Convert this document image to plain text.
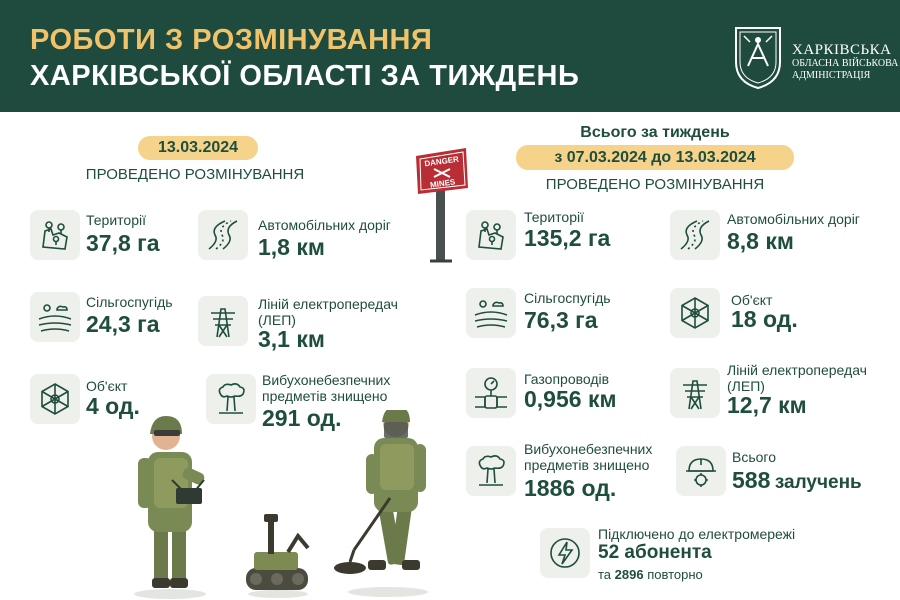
РОБОТИ З РОЗМІНУВАННЯ
ХАРКІВСЬКОЇ ОБЛАСТІ ЗА ТИЖДЕНЬ
ХАРКІВСЬКА
ОБЛАСНА ВІЙСЬКОВА
АДМІНІСТРАЦІЯ
13.03.2024
ПРОВЕДЕНО РОЗМІНУВАННЯ
Території
37,8 га
Автомобільних доріг
1,8 км
Сільгоспугідь
24,3 га
Ліній електропередач
(ЛЕП)
3,1 км
Об'єкт
4 од.
Вибухонебезпечних
предметів знищено
291 од.
DANGER
MINES
Всього за тиждень
з 07.03.2024 до 13.03.2024
ПРОВЕДЕНО РОЗМІНУВАННЯ
Території
135,2 га
Автомобільних доріг
8,8 км
Сільгоспугідь
76,3 га
Об'єкт
18 од.
Газопроводів
0,956 км
Ліній електропередач
(ЛЕП)
12,7 км
Вибухонебезпечних
предметів знищено
1886 од.
Всього
588 залучень
Підключено до електромережі
52 абонента
та 2896 повторно
